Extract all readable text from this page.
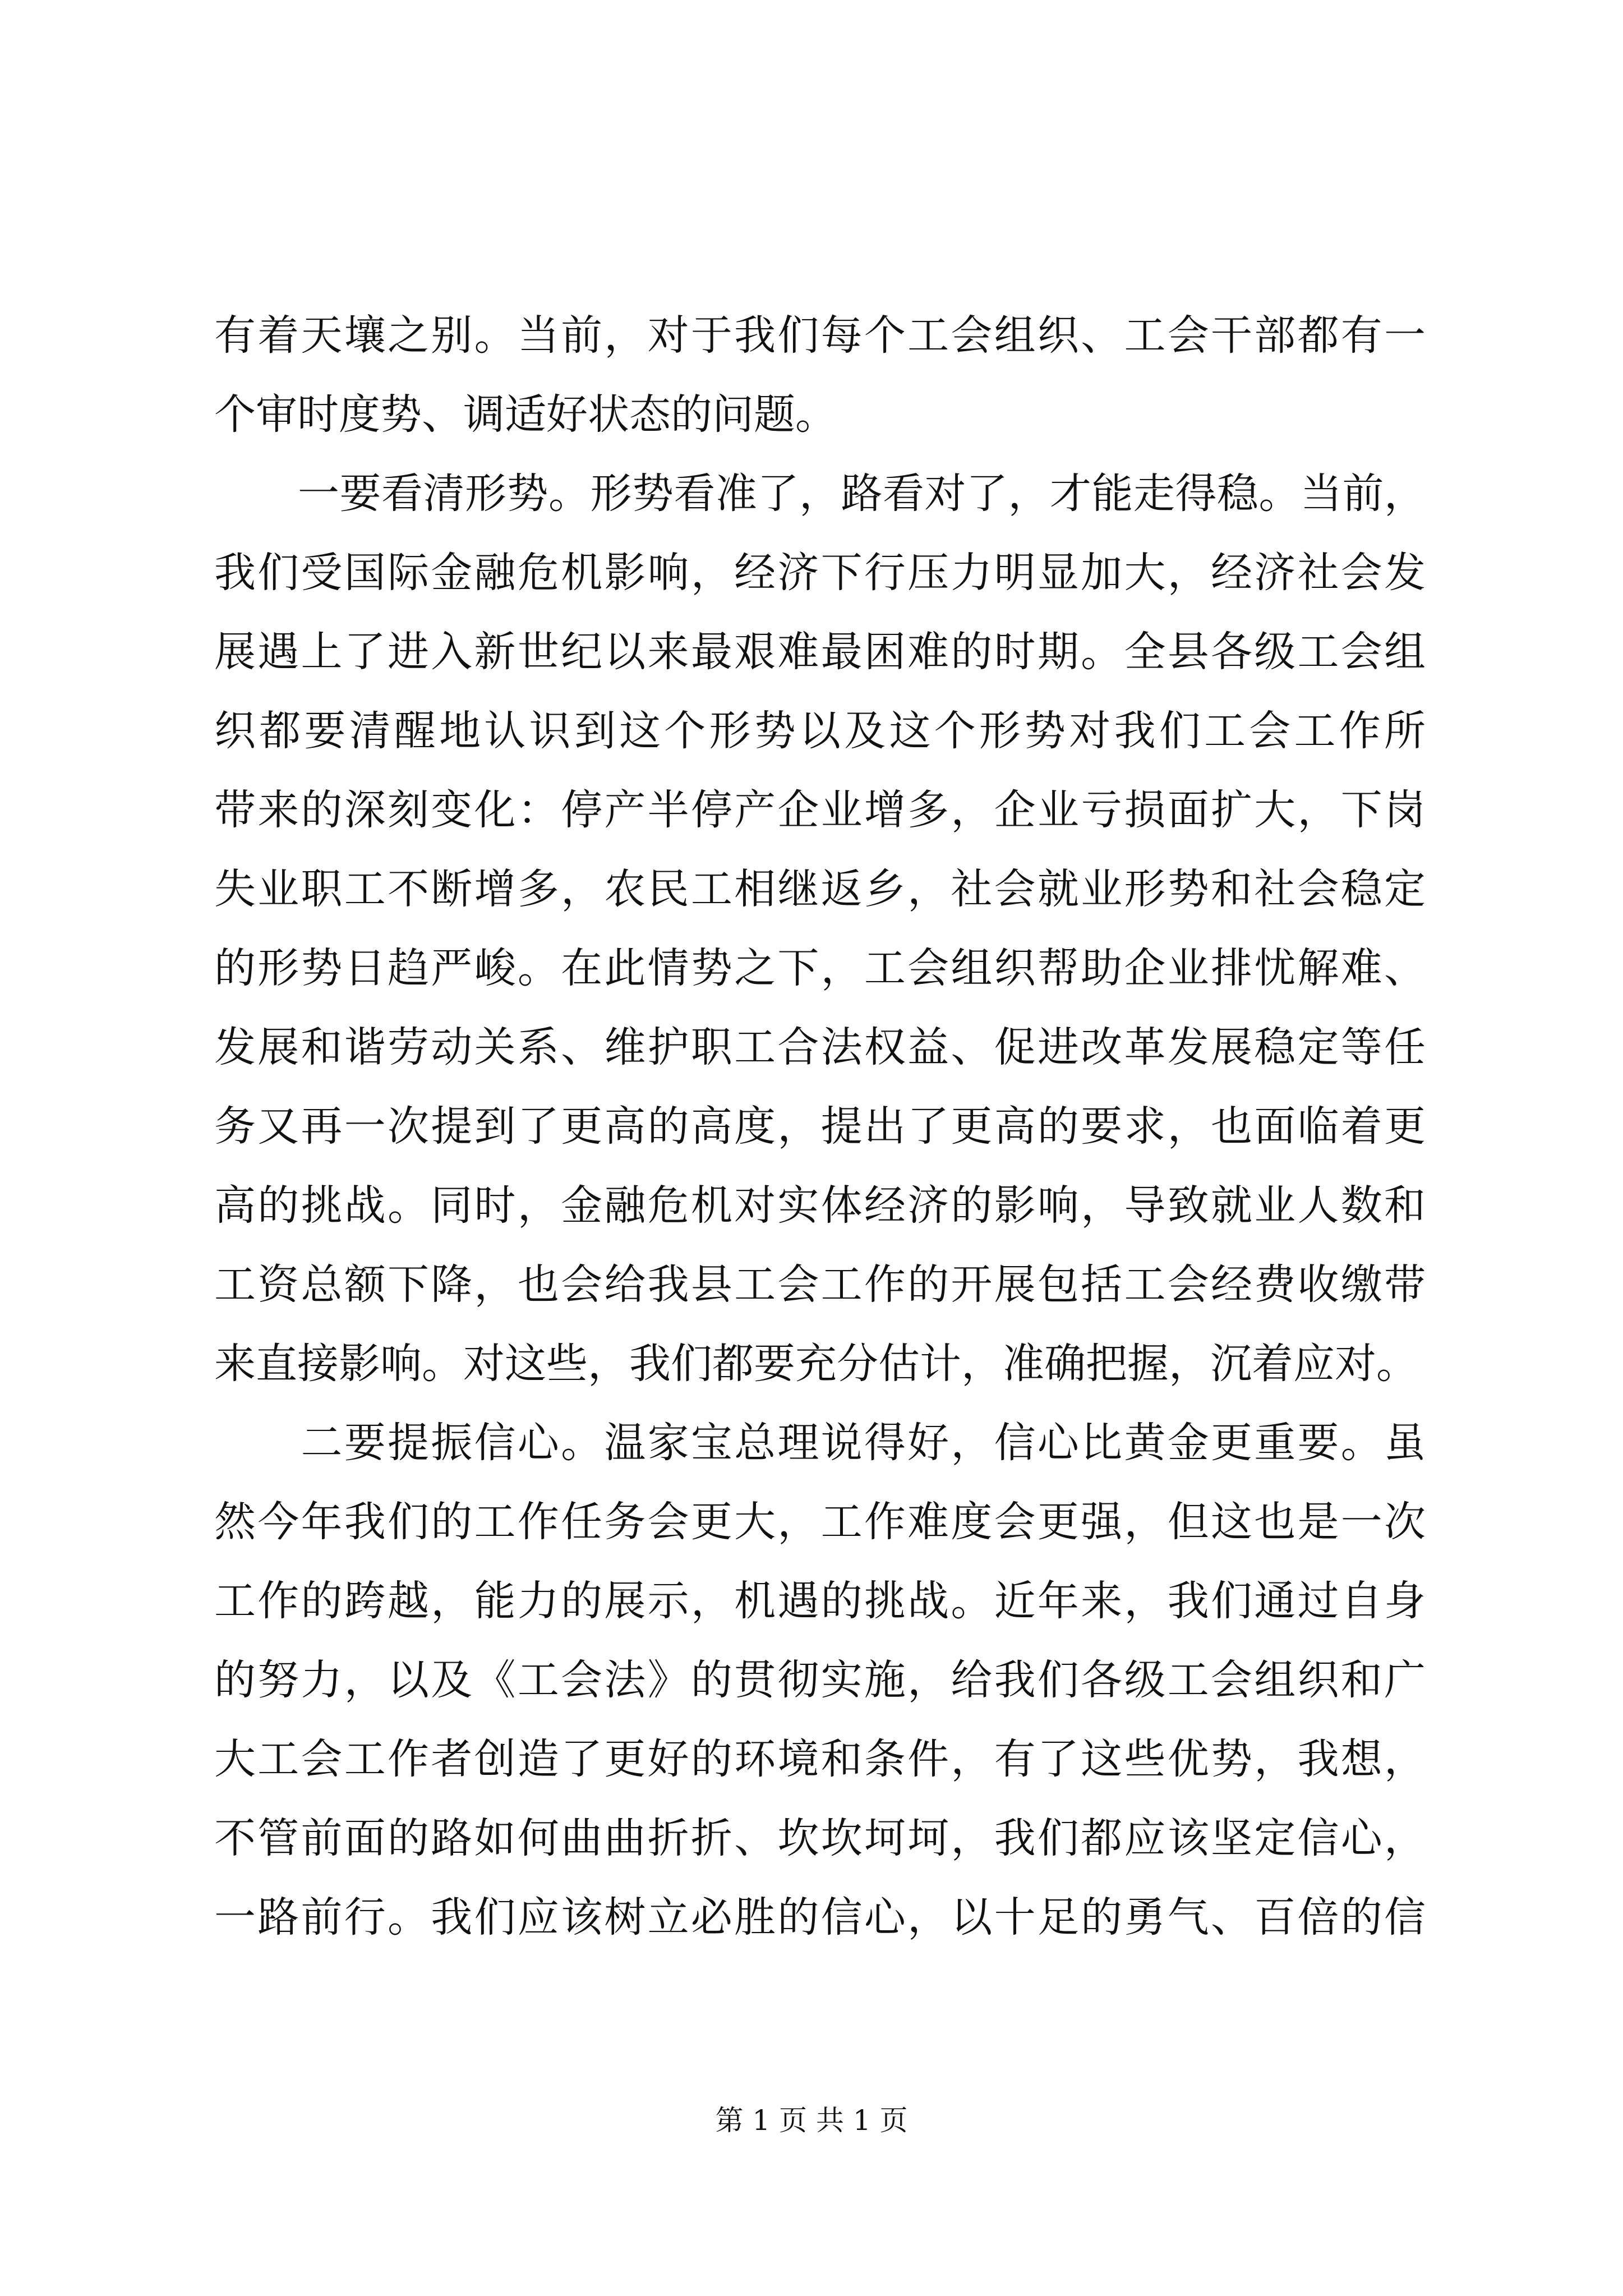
有着天壤之别。当前，对于我们每个工会组织、工会干部都有一
个审时度势、调适好状态的问题。
　　一要看清形势。形势看准了，路看对了，才能走得稳。当前，
我们受国际金融危机影响，经济下行压力明显加大，经济社会发
展遇上了进入新世纪以来最艰难最困难的时期。全县各级工会组
织都要清醒地认识到这个形势以及这个形势对我们工会工作所
带来的深刻变化：停产半停产企业增多，企业亏损面扩大，下岗
失业职工不断增多，农民工相继返乡，社会就业形势和社会稳定
的形势日趋严峻。在此情势之下，工会组织帮助企业排忧解难、
发展和谐劳动关系、维护职工合法权益、促进改革发展稳定等任
务又再一次提到了更高的高度，提出了更高的要求，也面临着更
高的挑战。同时，金融危机对实体经济的影响，导致就业人数和
工资总额下降，也会给我县工会工作的开展包括工会经费收缴带
来直接影响。对这些，我们都要充分估计，准确把握，沉着应对。
　　二要提振信心。温家宝总理说得好，信心比黄金更重要。虽
然今年我们的工作任务会更大，工作难度会更强，但这也是一次
工作的跨越，能力的展示，机遇的挑战。近年来，我们通过自身
的努力，以及《工会法》的贯彻实施，给我们各级工会组织和广
大工会工作者创造了更好的环境和条件，有了这些优势，我想，
不管前面的路如何曲曲折折、坎坎坷坷，我们都应该坚定信心，
一路前行。我们应该树立必胜的信心，以十足的勇气、百倍的信
第 1 页 共 1 页
